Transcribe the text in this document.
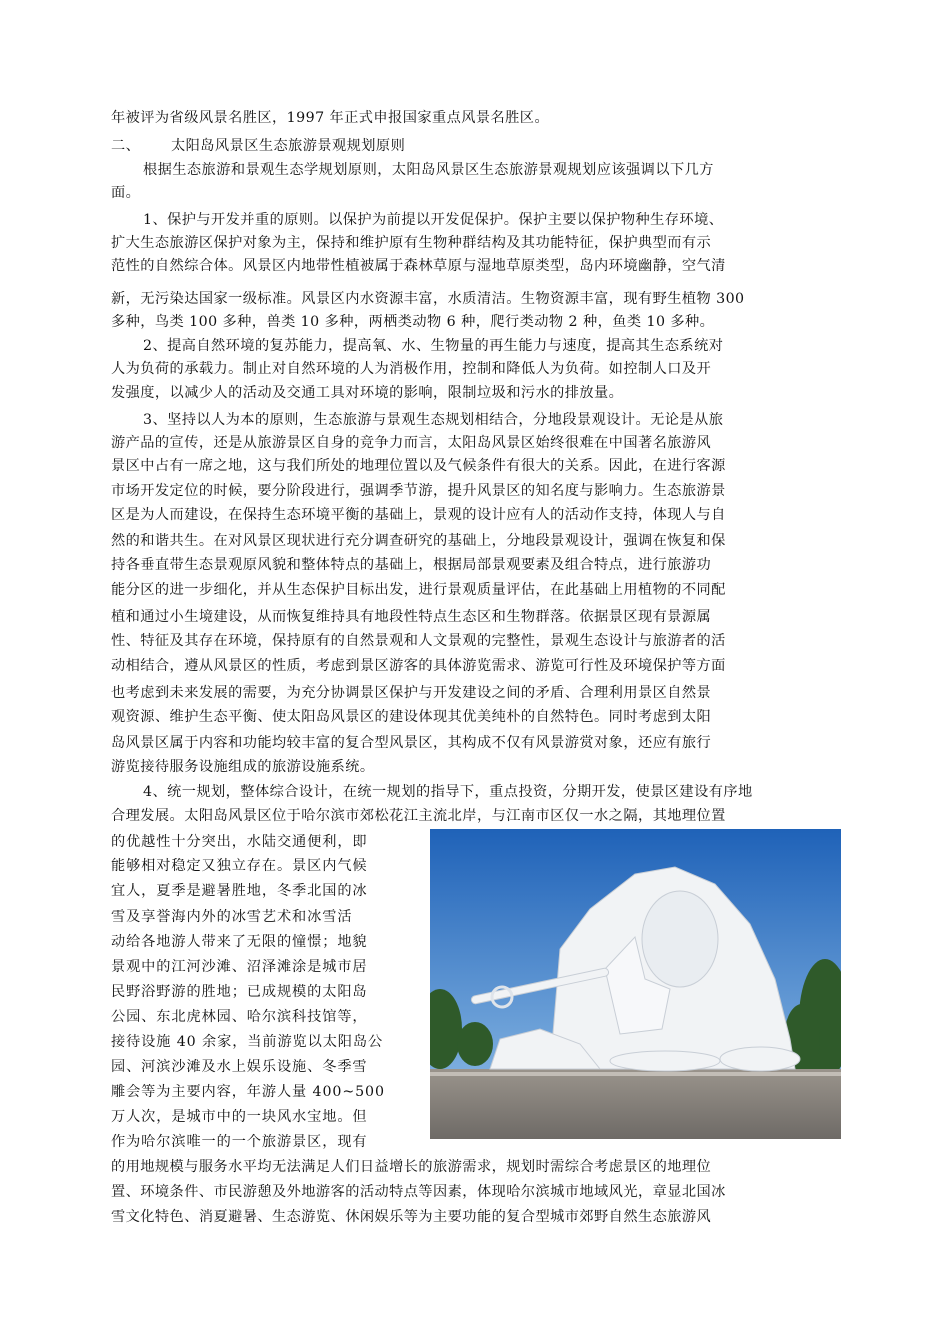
年被评为省级风景名胜区，1997 年正式申报国家重点风景名胜区。
二、 太阳岛风景区生态旅游景观规划原则
根据生态旅游和景观生态学规划原则，太阳岛风景区生态旅游景观规划应该强调以下几方
面。
1、保护与开发并重的原则。以保护为前提以开发促保护。保护主要以保护物种生存环境、
扩大生态旅游区保护对象为主，保持和维护原有生物种群结构及其功能特征，保护典型而有示
范性的自然综合体。风景区内地带性植被属于森林草原与湿地草原类型，岛内环境幽静，空气清
新，无污染达国家一级标准。风景区内水资源丰富，水质清洁。生物资源丰富，现有野生植物 300
多种，鸟类 100 多种，兽类 10 多种，两栖类动物 6 种，爬行类动物 2 种，鱼类 10 多种。
2、提高自然环境的复苏能力，提高氧、水、生物量的再生能力与速度，提高其生态系统对
人为负荷的承载力。制止对自然环境的人为消极作用，控制和降低人为负荷。如控制人口及开
发强度，以减少人的活动及交通工具对环境的影响，限制垃圾和污水的排放量。
3、坚持以人为本的原则，生态旅游与景观生态规划相结合，分地段景观设计。无论是从旅
游产品的宣传，还是从旅游景区自身的竞争力而言，太阳岛风景区始终很难在中国著名旅游风
景区中占有一席之地，这与我们所处的地理位置以及气候条件有很大的关系。因此，在进行客源
市场开发定位的时候，要分阶段进行，强调季节游，提升风景区的知名度与影响力。生态旅游景
区是为人而建设，在保持生态环境平衡的基础上，景观的设计应有人的活动作支持，体现人与自
然的和谐共生。在对风景区现状进行充分调查研究的基础上，分地段景观设计，强调在恢复和保
持各垂直带生态景观原风貌和整体特点的基础上，根据局部景观要素及组合特点，进行旅游功
能分区的进一步细化，并从生态保护目标出发，进行景观质量评估，在此基础上用植物的不同配
植和通过小生境建设，从而恢复维持具有地段性特点生态区和生物群落。依据景区现有景源属
性、特征及其存在环境，保持原有的自然景观和人文景观的完整性，景观生态设计与旅游者的活
动相结合，遵从风景区的性质，考虑到景区游客的具体游览需求、游览可行性及环境保护等方面
也考虑到未来发展的需要，为充分协调景区保护与开发建设之间的矛盾、合理利用景区自然景
观资源、维护生态平衡、使太阳岛风景区的建设体现其优美纯朴的自然特色。同时考虑到太阳
岛风景区属于内容和功能均较丰富的复合型风景区，其构成不仅有风景游赏对象，还应有旅行
游览接待服务设施组成的旅游设施系统。
4、统一规划，整体综合设计，在统一规划的指导下，重点投资，分期开发，使景区建设有序地
合理发展。太阳岛风景区位于哈尔滨市郊松花江主流北岸，与江南市区仅一水之隔，其地理位置
的优越性十分突出，水陆交通便利，即
能够相对稳定又独立存在。景区内气候
宜人，夏季是避暑胜地，冬季北国的冰
雪及享誉海内外的冰雪艺术和冰雪活
动给各地游人带来了无限的憧憬；地貌
景观中的江河沙滩、沼泽滩涂是城市居
民野浴野游的胜地；已成规模的太阳岛
公园、东北虎林园、哈尔滨科技馆等，
接待设施 40 余家，当前游览以太阳岛公
园、河滨沙滩及水上娱乐设施、冬季雪
雕会等为主要内容，年游人量 400~500
万人次，是城市中的一块风水宝地。但
作为哈尔滨唯一的一个旅游景区，现有
的用地规模与服务水平均无法满足人们日益增长的旅游需求，规划时需综合考虑景区的地理位
置、环境条件、市民游憩及外地游客的活动特点等因素，体现哈尔滨城市地域风光，章显北国冰
雪文化特色、消夏避暑、生态游览、休闲娱乐等为主要功能的复合型城市郊野自然生态旅游风
